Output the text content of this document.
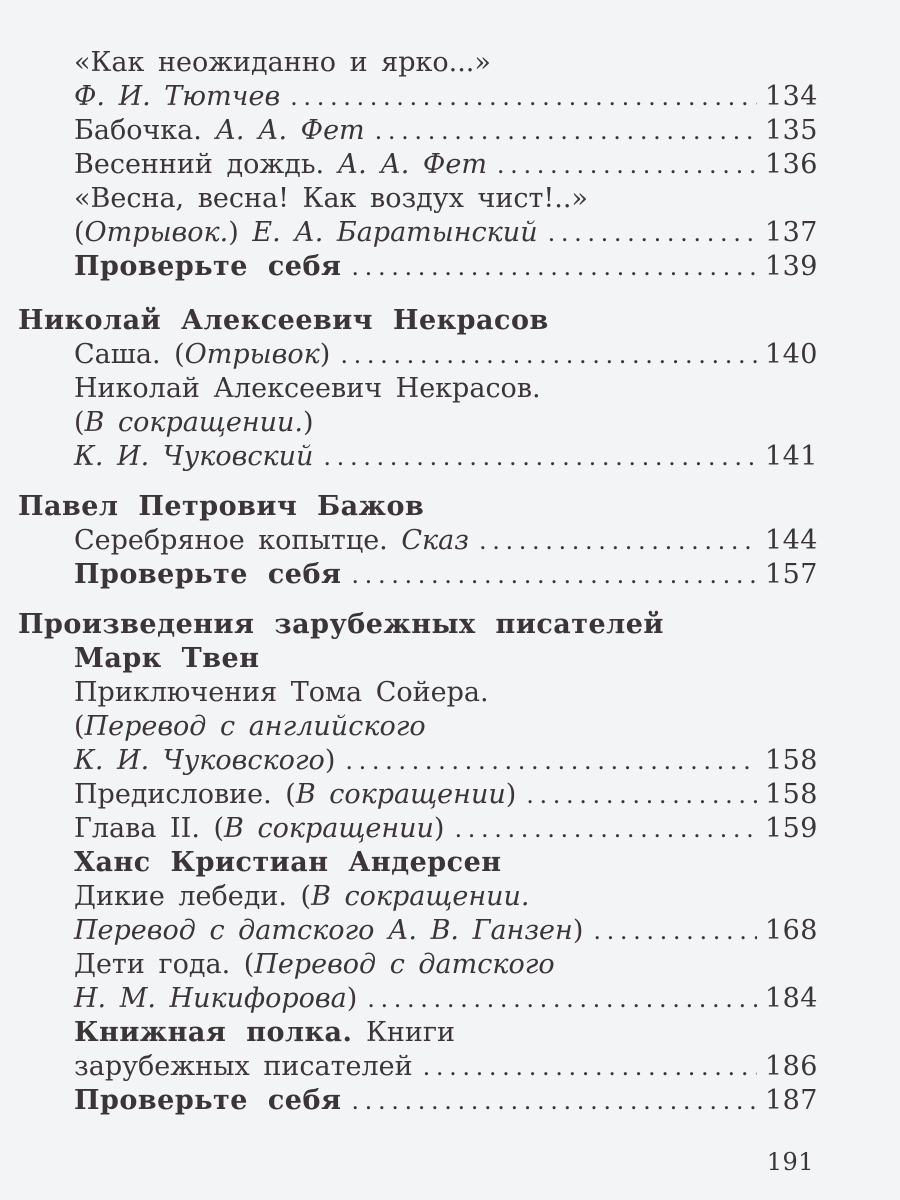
«Как неожиданно и ярко...»
Ф. И. Тютчев . . .	134
Бабочка. А. А. Фет . . .	135
Весенний дождь. А. А. Фет . . .	136
«Весна, весна! Как воздух чист!..»
(Отрывок.) Е. А. Баратынский . . .	137
Проверьте себя . . .	139
Николай Алексеевич Некрасов
Саша. (Отрывок) . . .	140
Николай Алексеевич Некрасов.
(В сокращении.)
К. И. Чуковский . . .	141
Павел Петрович Бажов
Серебряное копытце. Сказ . . .	144
Проверьте себя . . .	157
Произведения зарубежных писателей
Марк Твен
Приключения Тома Сойера.
(Перевод с английского
К. И. Чуковского) . . .	158
Предисловие. (В сокращении) . . .	158
Глава II. (В сокращении) . . .	159
Ханс Кристиан Андерсен
Дикие лебеди. (В сокращении.
Перевод с датского А. В. Ганзен) . . .	168
Дети года. (Перевод с датского
Н. М. Никифорова) . . .	184
Книжная полка. Книги
зарубежных писателей . . .	186
Проверьте себя . . .	187
191
